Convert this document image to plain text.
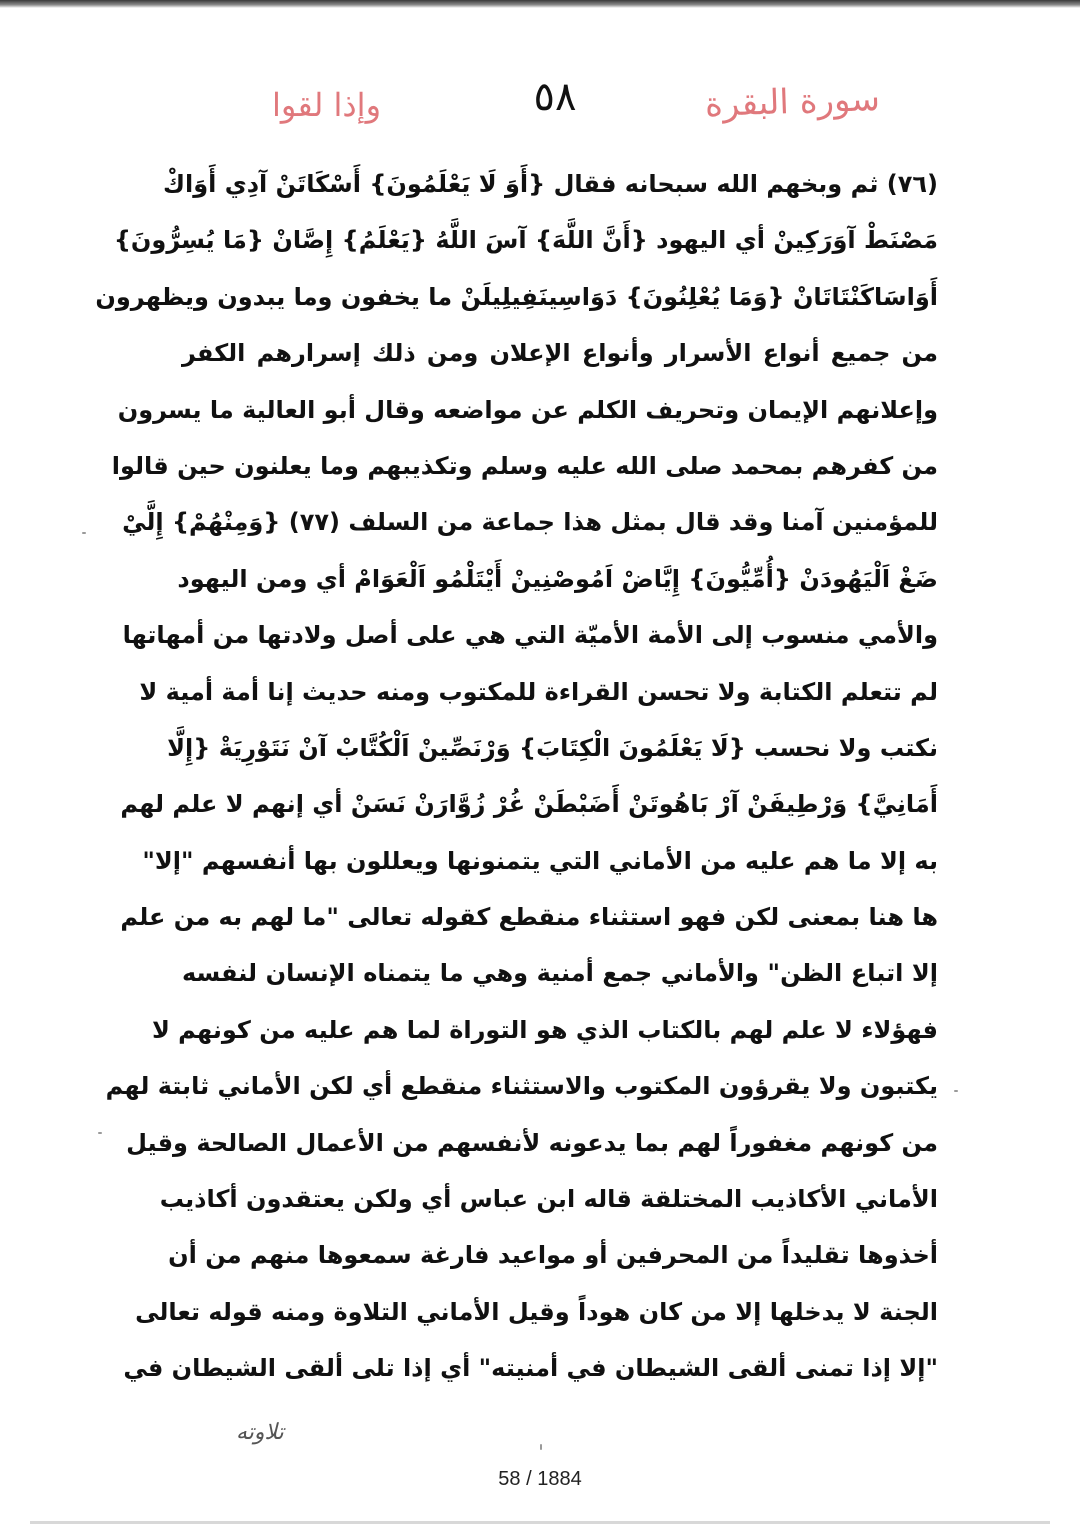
سورة البقرة
٥٨
وإذا لقوا
(٧٦) ثم وبخهم الله سبحانه فقال {أَوَ لَا يَعْلَمُونَ} أَسْكَاتَنْ آدِي أَوَاكْ
مَصْنَطْ آوَرَكِينْ أي اليهود {أَنَّ اللَّهَ} آسَ اللَّهُ {يَعْلَمُ} إِصَّانْ {مَا يُسِرُّونَ}
أَوَاسَاكَنْتَاتَانْ {وَمَا يُعْلِنُونَ} دَوَاسِينَفِيلِيلَنْ ما يخفون وما يبدون ويظهرون
من جميع أنواع الأسرار وأنواع الإعلان ومن ذلك إسرارهم الكفر
وإعلانهم الإيمان وتحريف الكلم عن مواضعه وقال أبو العالية ما يسرون
من كفرهم بمحمد صلى الله عليه وسلم وتكذيبهم وما يعلنون حين قالوا
للمؤمنين آمنا وقد قال بمثل هذا جماعة من السلف (٧٧) {وَمِنْهُمْ} إِلَّيْ
ضَغْ اَلْيَهُودَنْ {أُمِّيُّونَ} إِيَّاضْ اَمُوصْنِينْ أَيْتَلْمُو اَلْعَوَامْ أي ومن اليهود
والأمي منسوب إلى الأمة الأميّة التي هي على أصل ولادتها من أمهاتها
لم تتعلم الكتابة ولا تحسن القراءة للمكتوب ومنه حديث إنا أمة أمية لا
نكتب ولا نحسب {لَا يَعْلَمُونَ الْكِتَابَ} وَرْنَصِّينْ اَلْكُتَّابْ آنْ نَتَوْرِيَةْ {إِلَّا
أَمَانِيَّ} وَرْطِيفَنْ آرْ بَاهُوتَنْ أَضَبْطَنْ غُرْ زُوَّارَنْ نَسَنْ أي إنهم لا علم لهم
به إلا ما هم عليه من الأماني التي يتمنونها ويعللون بها أنفسهم "إلا"
ها هنا بمعنى لكن فهو استثناء منقطع كقوله تعالى "ما لهم به من علم
إلا اتباع الظن" والأماني جمع أمنية وهي ما يتمناه الإنسان لنفسه
فهؤلاء لا علم لهم بالكتاب الذي هو التوراة لما هم عليه من كونهم لا
يكتبون ولا يقرؤون المكتوب والاستثناء منقطع أي لكن الأماني ثابتة لهم
من كونهم مغفوراً لهم بما يدعونه لأنفسهم من الأعمال الصالحة وقيل
الأماني الأكاذيب المختلقة قاله ابن عباس أي ولكن يعتقدون أكاذيب
أخذوها تقليداً من المحرفين أو مواعيد فارغة سمعوها منهم من أن
الجنة لا يدخلها إلا من كان هوداً وقيل الأماني التلاوة ومنه قوله تعالى
"إلا إذا تمنى ألقى الشيطان في أمنيته" أي إذا تلى ألقى الشيطان في
تلاوته
58 / 1884
